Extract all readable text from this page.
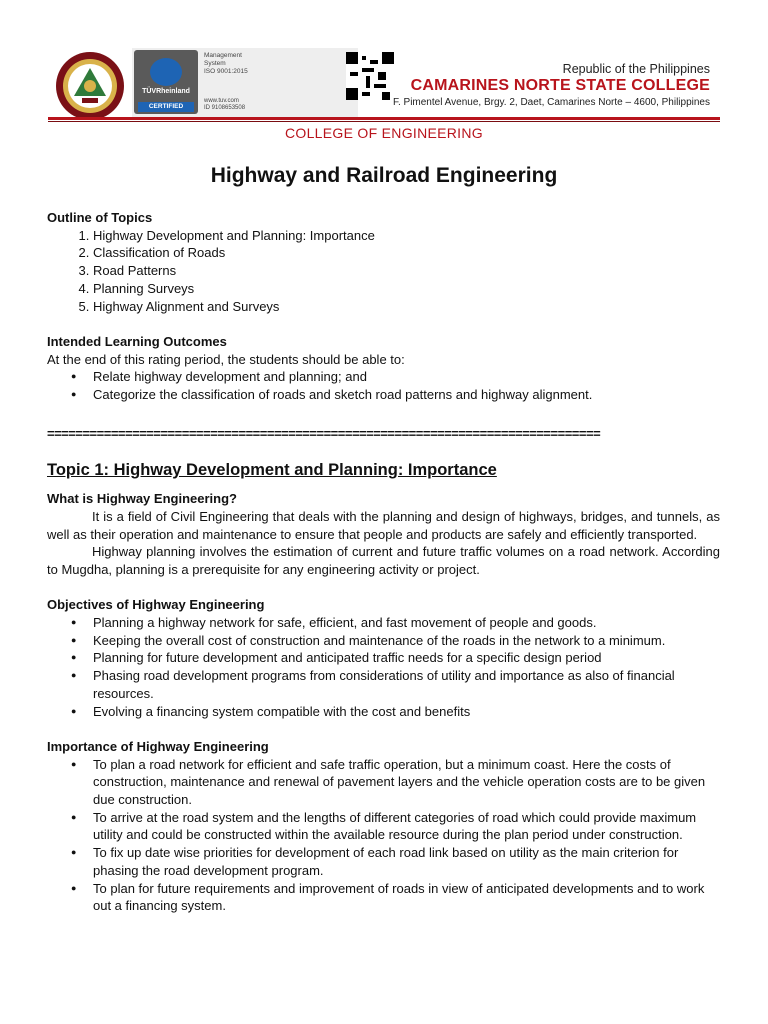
TÜVRheinland
CERTIFIED
Management
System
ISO 9001:2015
www.tuv.com
ID 9108653508
Republic of the Philippines
CAMARINES NORTE STATE COLLEGE
F. Pimentel Avenue, Brgy. 2, Daet, Camarines Norte – 4600, Philippines
COLLEGE OF ENGINEERING
Highway and Railroad Engineering
Outline of Topics
1. Highway Development and Planning: Importance
2. Classification of Roads
3. Road Patterns
4. Planning Surveys
5. Highway Alignment and Surveys
Intended Learning Outcomes
At the end of this rating period, the students should be able to:
● Relate highway development and planning; and
● Categorize the classification of roads and sketch road patterns and highway alignment.
==============================================================================
Topic 1: Highway Development and Planning: Importance
What is Highway Engineering?
It is a field of Civil Engineering that deals with the planning and design of highways, bridges, and tunnels, as well as their operation and maintenance to ensure that people and products are safely and efficiently transported.
Highway planning involves the estimation of current and future traffic volumes on a road network. According to Mugdha, planning is a prerequisite for any engineering activity or project.
Objectives of Highway Engineering
● Planning a highway network for safe, efficient, and fast movement of people and goods.
● Keeping the overall cost of construction and maintenance of the roads in the network to a minimum.
● Planning for future development and anticipated traffic needs for a specific design period
● Phasing road development programs from considerations of utility and importance as also of financial resources.
● Evolving a financing system compatible with the cost and benefits
Importance of Highway Engineering
● To plan a road network for efficient and safe traffic operation, but a minimum coast. Here the costs of construction, maintenance and renewal of pavement layers and the vehicle operation costs are to be given due construction.
● To arrive at the road system and the lengths of different categories of road which could provide maximum utility and could be constructed within the available resource during the plan period under construction.
● To fix up date wise priorities for development of each road link based on utility as the main criterion for phasing the road development program.
● To plan for future requirements and improvement of roads in view of anticipated developments and to work out a financing system.
